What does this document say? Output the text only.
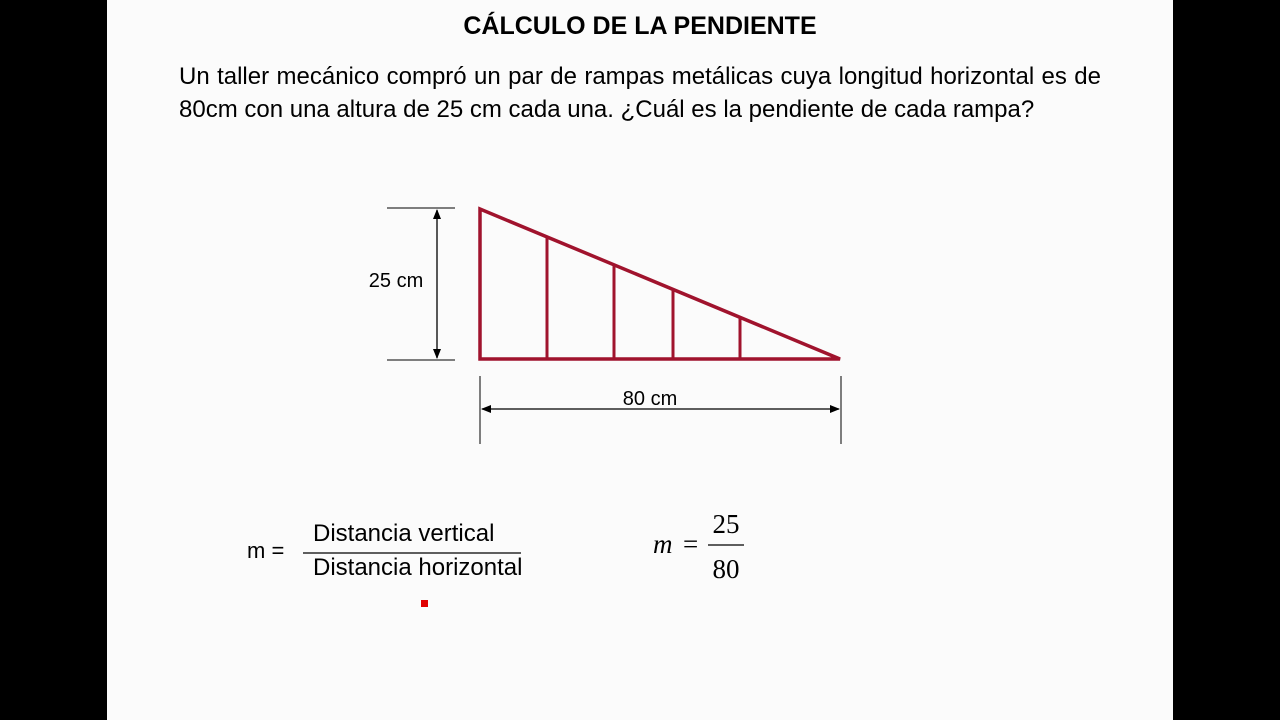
CÁLCULO DE LA PENDIENTE

Un taller mecánico compró un par de rampas metálicas cuya longitud horizontal es de 80cm con una altura de 25 cm cada una. ¿Cuál es la pendiente de cada rampa?

25 cm
80 cm
m =
Distancia vertical
Distancia horizontal
m =
25
80
